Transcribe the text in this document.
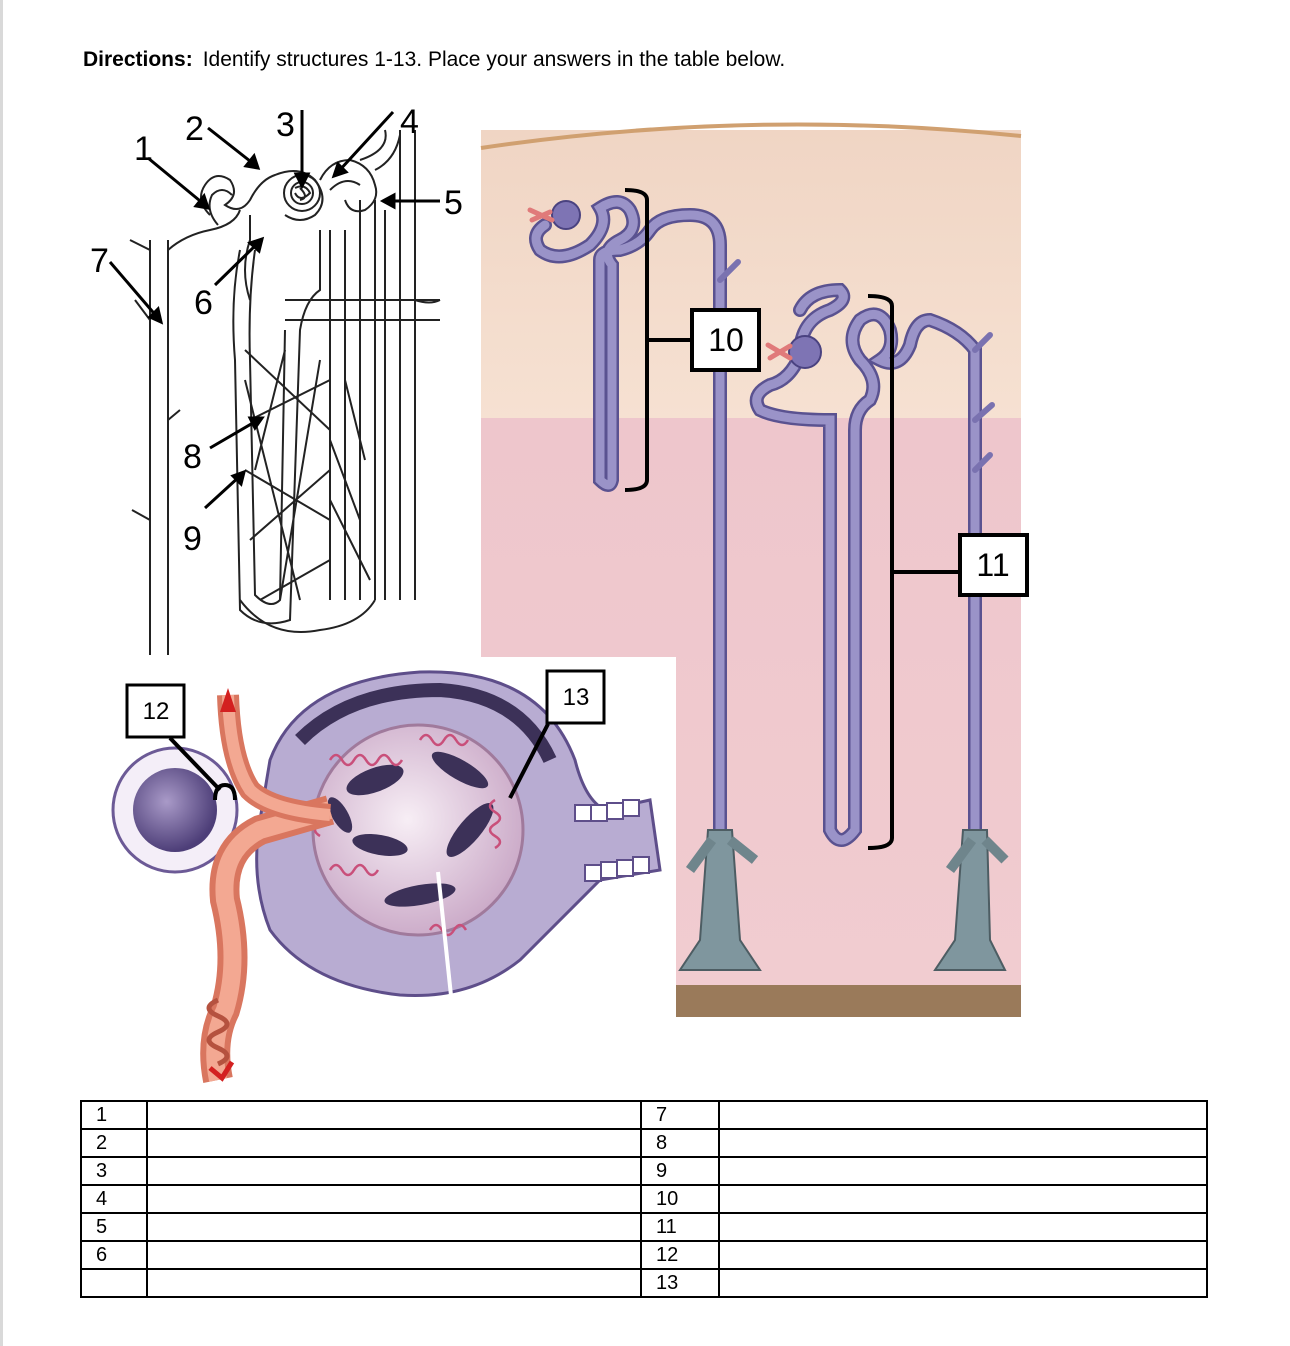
Directions: Identify structures 1-13. Place your answers in the table below.
10
11
1
2 3	4
5
6
7
8
9
12
13
1		7	
2		8	
3		9	
4		10	
5		11	
6		12	
		13	
